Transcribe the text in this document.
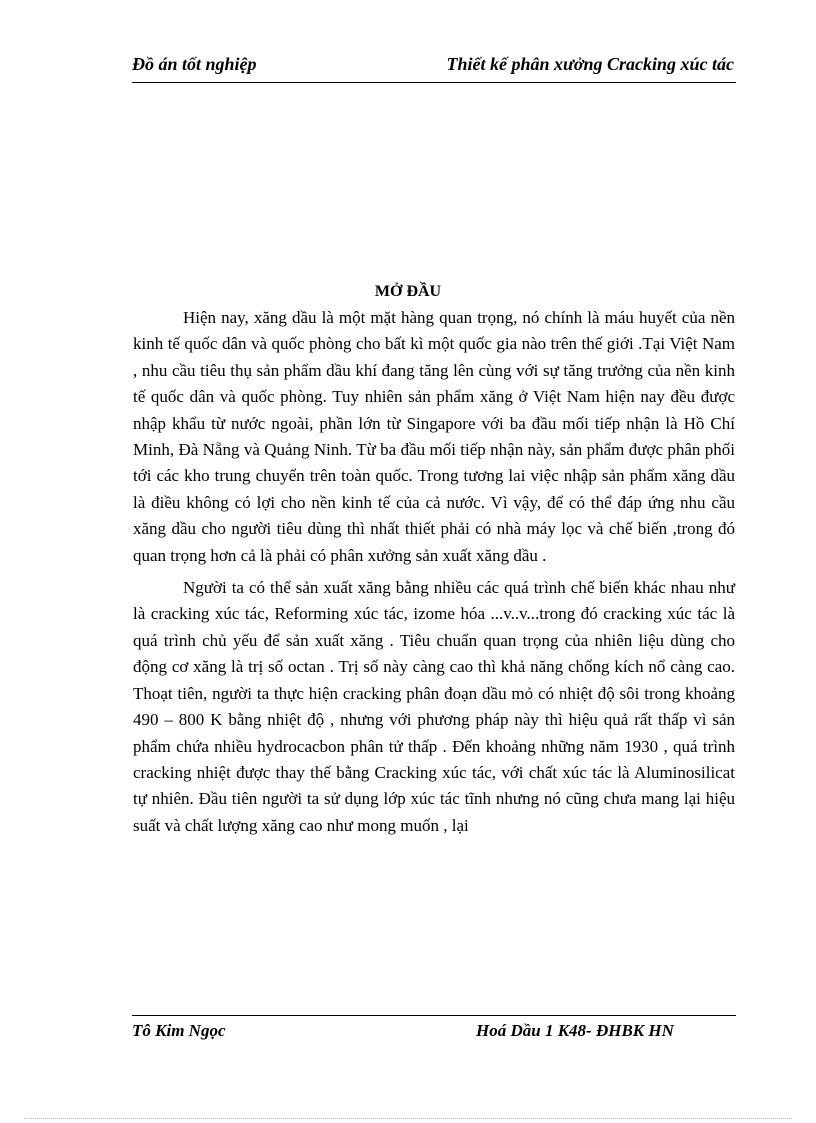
Đồ án tốt nghiệp	Thiết kế phân xưởng Cracking xúc tác
MỞ ĐẦU

Hiện nay, xăng dầu là một mặt hàng quan trọng, nó chính là máu huyết của nền kinh tế quốc dân và quốc phòng cho bất kì một quốc gia nào trên thế giới .Tại Việt Nam , nhu cầu tiêu thụ sản phẩm dầu khí đang tăng lên cùng với sự tăng trưởng của nền kinh tế quốc dân và quốc phòng. Tuy nhiên sản phẩm xăng ở Việt Nam hiện nay đều được nhập khẩu từ nước ngoài, phần lớn từ Singapore với ba đầu mối tiếp nhận là Hồ Chí Minh, Đà Nẵng và Quảng Ninh. Từ ba đầu mối tiếp nhận này, sản phẩm được phân phối tới các kho trung chuyển trên toàn quốc. Trong tương lai việc nhập sản phẩm xăng dầu là điều không có lợi cho nền kinh tế của cả nước. Vì vậy, để có thể đáp ứng nhu cầu xăng dầu cho người tiêu dùng thì nhất thiết phải có nhà máy lọc và chế biến ,trong đó quan trọng hơn cả là phải có phân xưởng sản xuất xăng dầu .

Người ta có thể sản xuất xăng bằng nhiều các quá trình chế biến khác nhau như là cracking xúc tác, Reforming xúc tác, izome hóa ...v..v...trong đó cracking xúc tác là quá trình chủ yếu để sản xuất xăng . Tiêu chuẩn quan trọng của nhiên liệu dùng cho động cơ xăng là trị số octan . Trị số này càng cao thì khả năng chống kích nổ càng cao. Thoạt tiên, người ta thực hiện cracking phân đoạn dầu mỏ có nhiệt độ sôi trong khoảng 490 – 800 K bằng nhiệt độ , nhưng với phương pháp này thì hiệu quả rất thấp vì sản phẩm chứa nhiều hydrocacbon phân tử thấp . Đến khoảng những năm 1930 , quá trình cracking nhiệt được thay thế bằng Cracking xúc tác, với chất xúc tác là Aluminosilicat tự nhiên. Đầu tiên người ta sử dụng lớp xúc tác tĩnh nhưng nó cũng chưa mang lại hiệu suất và chất lượng xăng cao như mong muốn , lại

Tô Kim Ngọc	Hoá Dầu 1 K48- ĐHBK HN
